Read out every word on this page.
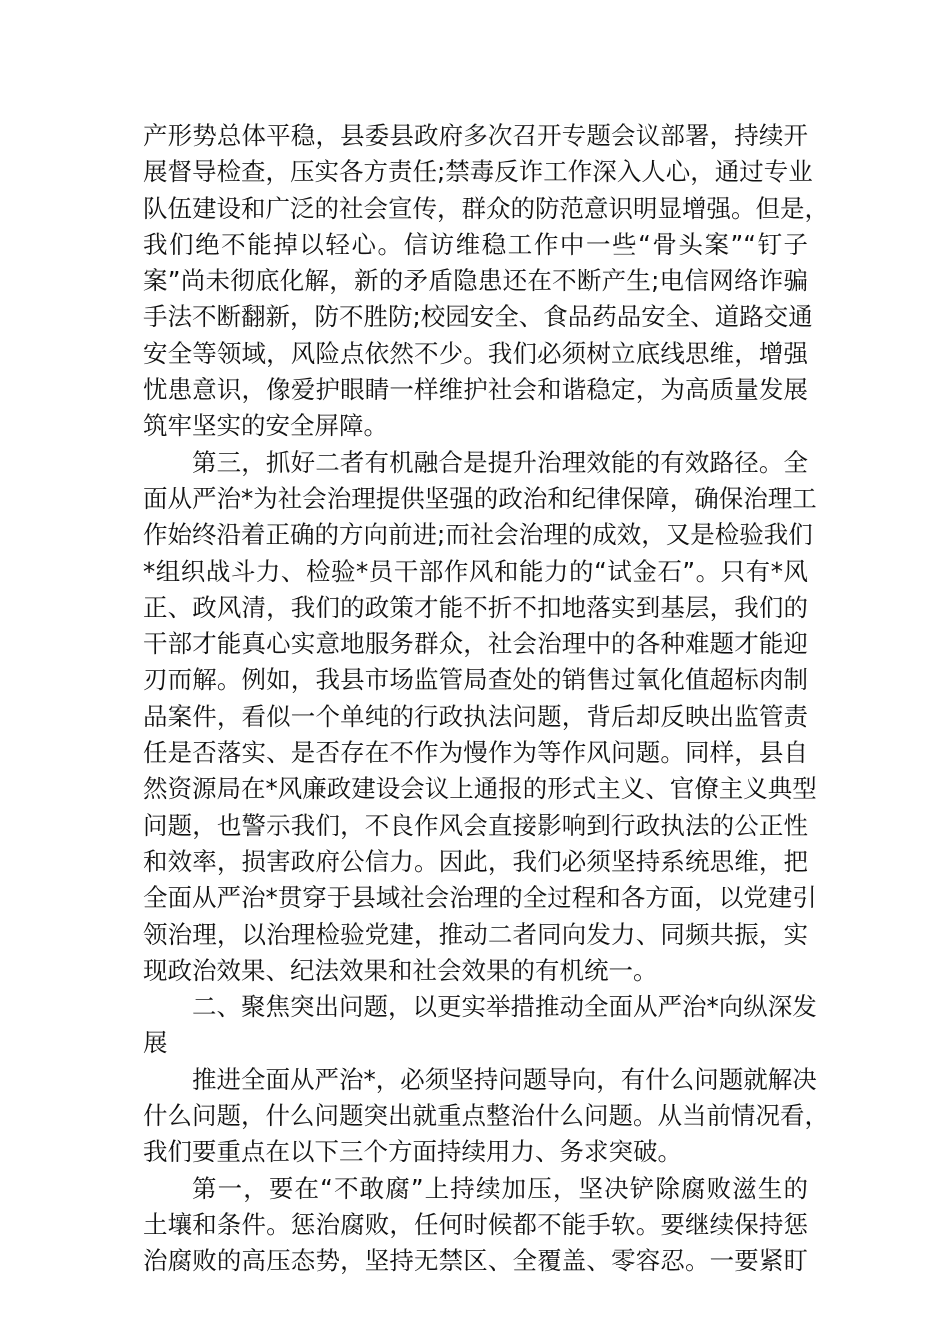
产形势总体平稳，县委县政府多次召开专题会议部署，持续开
展督导检查，压实各方责任;禁毒反诈工作深入人心，通过专业
队伍建设和广泛的社会宣传，群众的防范意识明显增强。但是，
我们绝不能掉以轻心。信访维稳工作中一些“骨头案”“钉子
案”尚未彻底化解，新的矛盾隐患还在不断产生;电信网络诈骗
手法不断翻新，防不胜防;校园安全、食品药品安全、道路交通
安全等领域，风险点依然不少。我们必须树立底线思维，增强
忧患意识，像爱护眼睛一样维护社会和谐稳定，为高质量发展
筑牢坚实的安全屏障。
第三，抓好二者有机融合是提升治理效能的有效路径。全
面从严治*为社会治理提供坚强的政治和纪律保障，确保治理工
作始终沿着正确的方向前进;而社会治理的成效，又是检验我们
*组织战斗力、检验*员干部作风和能力的“试金石”。只有*风
正、政风清，我们的政策才能不折不扣地落实到基层，我们的
干部才能真心实意地服务群众，社会治理中的各种难题才能迎
刃而解。例如，我县市场监管局查处的销售过氧化值超标肉制
品案件，看似一个单纯的行政执法问题，背后却反映出监管责
任是否落实、是否存在不作为慢作为等作风问题。同样，县自
然资源局在*风廉政建设会议上通报的形式主义、官僚主义典型
问题，也警示我们，不良作风会直接影响到行政执法的公正性
和效率，损害政府公信力。因此，我们必须坚持系统思维，把
全面从严治*贯穿于县域社会治理的全过程和各方面，以党建引
领治理，以治理检验党建，推动二者同向发力、同频共振，实
现政治效果、纪法效果和社会效果的有机统一。
二、聚焦突出问题，以更实举措推动全面从严治*向纵深发
展
推进全面从严治*，必须坚持问题导向，有什么问题就解决
什么问题，什么问题突出就重点整治什么问题。从当前情况看，
我们要重点在以下三个方面持续用力、务求突破。
第一，要在“不敢腐”上持续加压，坚决铲除腐败滋生的
土壤和条件。惩治腐败，任何时候都不能手软。要继续保持惩
治腐败的高压态势，坚持无禁区、全覆盖、零容忍。一要紧盯
